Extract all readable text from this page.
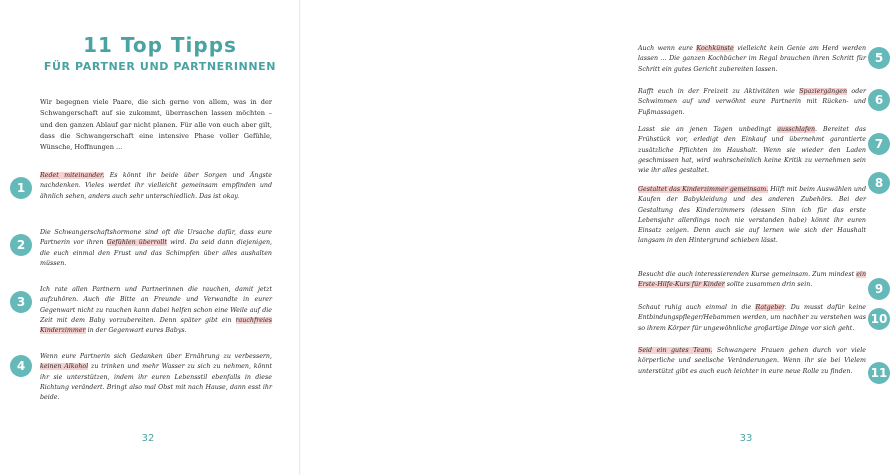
11 Top Tipps
FÜR PARTNER UND PARTNERINNEN
Wir begegnen viele Paare, die sich gerne von allem, was in der Schwangerschaft auf sie zukommt, überraschen lassen möchten – und den ganzen Ablauf gar nicht planen. Für alle von euch aber gilt, dass die Schwangerschaft eine intensive Phase voller Gefühle, Wünsche, Hoffnungen ...
1
Redet miteinander. Es könnt ihr beide über Sorgen und Ängste nachdenken. Vieles werdet ihr vielleicht gemeinsam empfinden und ähnlich sehen, anders auch sehr unterschiedlich. Das ist okay.
2
Die Schwangerschaftshormone sind oft die Ursache dafür, dass eure Partnerin vor ihren Gefühlen überrollt wird. Da seid dann diejenigen, die euch einmal den Frust und das Schimpfen über alles aushalten müssen.
3
Ich rate allen Partnern und Partnerinnen die rauchen, damit jetzt aufzuhören. Auch die Bitte an Freunde und Verwandte in eurer Gegenwart nicht zu rauchen kann dabei helfen schon eine Weile auf die Zeit mit dem Baby vorzubereiten. Denn später gibt ein rauchfreies Kinderzimmer in der Gegenwart eures Babys.
4
Wenn eure Partnerin sich Gedanken über Ernährung zu verbessern, keinen Alkohol zu trinken und mehr Wasser zu sich zu nehmen, könnt ihr sie unterstützen, indem ihr euren Lebensstil ebenfalls in diese Richtung verändert. Bringt also mal Obst mit nach Hause, dann esst ihr beide.
32
Auch wenn eure Kochkünste vielleicht kein Genie am Herd werden lassen ... Die ganzen Kochbücher im Regal brauchen ihren Schritt für Schritt ein gutes Gericht zubereiten lassen.
5
Rafft euch in der Freizeit zu Aktivitäten wie Spaziergängen oder Schwimmen auf und verwöhnt eure Partnerin mit Rücken- und Fußmassagen.
6
Lasst sie an jenen Tagen unbedingt ausschlafen. Bereitet das Frühstück vor, erledigt den Einkauf und übernehmt garantierte zusätzliche Pflichten im Haushalt. Wenn sie wieder den Laden geschmissen hat, wird wahrscheinlich keine Kritik zu vernehmen sein wie ihr alles gestaltet.
7
Gestaltet das Kinderzimmer gemeinsam. Hilft mit beim Auswählen und Kaufen der Babykleidung und des anderen Zubehörs. Bei der Gestaltung des Kinderzimmers (dessen Sinn ich für das erste Lebensjahr allerdings noch nie verstanden habe) könnt ihr euren Einsatz zeigen. Denn auch sie auf lernen wie sich der Haushalt langsam in den Hintergrund schieben lässt.
8
Besucht die auch interessierenden Kurse gemeinsam. Zum mindest ein Erste-Hilfe-Kurs für Kinder sollte zusammen drin sein.	9
Schaut ruhig auch einmal in die Ratgeber. Du musst dafür keine Entbindungspfleger/Hebammen werden, um nachher zu verstehen was so ihrem Körper für ungewöhnliche großartige Dinge vor sich geht.
10
Seid ein gutes Team. Schwangere Frauen gehen durch vor viele körperliche und seelische Veränderungen. Wenn ihr sie bei Vielem unterstützt gibt es auch euch leichter in eure neue Rolle zu finden.	11
33
